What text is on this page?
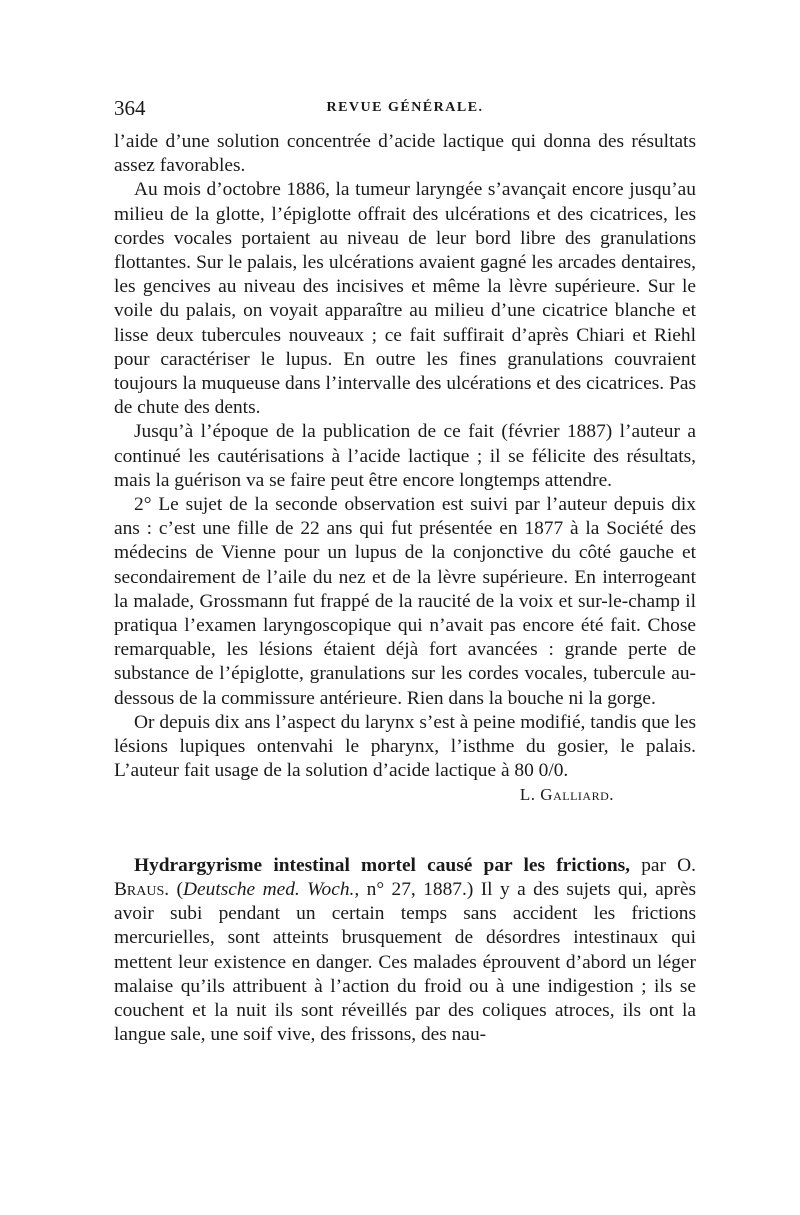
364	REVUE GÉNÉRALE.

l’aide d’une solution concentrée d’acide lactique qui donna des résultats assez favorables.

Au mois d’octobre 1886, la tumeur laryngée s’avançait encore jusqu’au milieu de la glotte, l’épiglotte offrait des ulcérations et des cicatrices, les cordes vocales portaient au niveau de leur bord libre des granulations flottantes. Sur le palais, les ulcérations avaient gagné les arcades dentaires, les gencives au niveau des incisives et même la lèvre supérieure. Sur le voile du palais, on voyait apparaître au milieu d’une cicatrice blanche et lisse deux tubercules nouveaux ; ce fait suffirait d’après Chiari et Riehl pour caractériser le lupus. En outre les fines granulations couvraient toujours la muqueuse dans l’intervalle des ulcérations et des cicatrices. Pas de chute des dents.

Jusqu’à l’époque de la publication de ce fait (février 1887) l’auteur a continué les cautérisations à l’acide lactique ; il se félicite des résultats, mais la guérison va se faire peut être encore longtemps attendre.

2° Le sujet de la seconde observation est suivi par l’auteur depuis dix ans : c’est une fille de 22 ans qui fut présentée en 1877 à la Société des médecins de Vienne pour un lupus de la conjonctive du côté gauche et secondairement de l’aile du nez et de la lèvre supérieure. En interrogeant la malade, Grossmann fut frappé de la raucité de la voix et sur-le-champ il pratiqua l’examen laryngoscopique qui n’avait pas encore été fait. Chose remarquable, les lésions étaient déjà fort avancées : grande perte de substance de l’épiglotte, granulations sur les cordes vocales, tubercule au-dessous de la commissure antérieure. Rien dans la bouche ni la gorge.

Or depuis dix ans l’aspect du larynx s’est à peine modifié, tandis que les lésions lupiques ontenvahi le pharynx, l’isthme du gosier, le palais. L’auteur fait usage de la solution d’acide lactique à 80 0/0.

L. Galliard.

Hydrargyrisme intestinal mortel causé par les frictions, par O. Braus. (Deutsche med. Woch., n° 27, 1887.) Il y a des sujets qui, après avoir subi pendant un certain temps sans accident les frictions mercurielles, sont atteints brusquement de désordres intestinaux qui mettent leur existence en danger. Ces malades éprouvent d’abord un léger malaise qu’ils attribuent à l’action du froid ou à une indigestion ; ils se couchent et la nuit ils sont réveillés par des coliques atroces, ils ont la langue sale, une soif vive, des frissons, des nau-
